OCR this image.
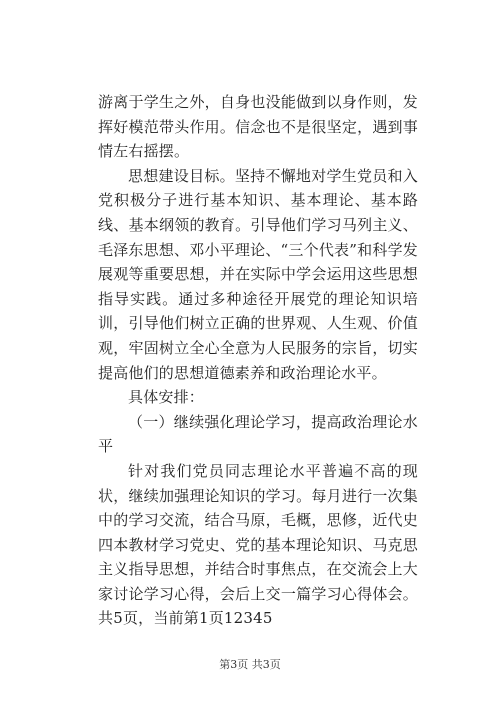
游离于学生之外，自身也没能做到以身作则，发挥好模范带头作用。信念也不是很坚定，遇到事情左右摇摆。

思想建设目标。坚持不懈地对学生党员和入党积极分子进行基本知识、基本理论、基本路线、基本纲领的教育。引导他们学习马列主义、毛泽东思想、邓小平理论、“三个代表”和科学发展观等重要思想，并在实际中学会运用这些思想指导实践。通过多种途径开展党的理论知识培训，引导他们树立正确的世界观、人生观、价值观，牢固树立全心全意为人民服务的宗旨，切实提高他们的思想道德素养和政治理论水平。

具体安排：

（一）继续强化理论学习，提高政治理论水平

针对我们党员同志理论水平普遍不高的现状，继续加强理论知识的学习。每月进行一次集中的学习交流，结合马原，毛概，思修，近代史四本教材学习党史、党的基本理论知识、马克思主义指导思想，并结合时事焦点，在交流会上大家讨论学习心得，会后上交一篇学习心得体会。共5页，当前第1页12345

第3页 共3页
